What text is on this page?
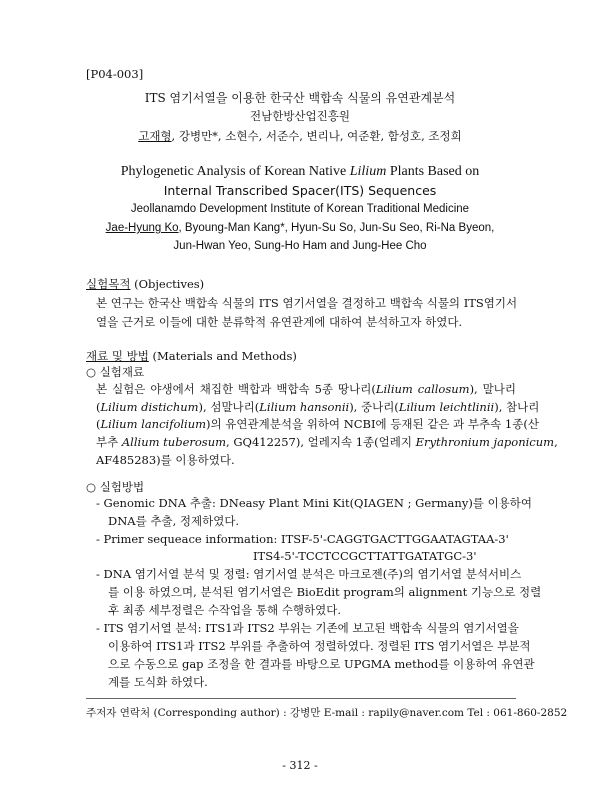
[P04-003]
ITS 염기서열을 이용한 한국산 백합속 식물의 유연관계분석
전남한방산업진흥원
고재형, 강병만*, 소현수, 서준수, 변리나, 여준환, 함성호, 조정희
Phylogenetic Analysis of Korean Native Lilium Plants Based on
Internal Transcribed Spacer(ITS) Sequences
Jeollanamdo Development Institute of Korean Traditional Medicine
Jae-Hyung Ko, Byoung-Man Kang*, Hyun-Su So, Jun-Su Seo, Ri-Na Byeon,
Jun-Hwan Yeo, Sung-Ho Ham and Jung-Hee Cho
실험목적 (Objectives)
본 연구는 한국산 백합속 식물의 ITS 염기서열을 결정하고 백합속 식물의 ITS염기서
열을 근거로 이들에 대한 분류학적 유연관계에 대하여 분석하고자 하였다.
재료 및 방법 (Materials and Methods)
○ 실험재료
본 실험은 야생에서 채집한 백합과 백합속 5종 땅나리(Lilium callosum), 말나리
(Lilium distichum), 섬말나리(Lilium hansonii), 중나리(Lilium leichtlinii), 참나리
(Lilium lancifolium)의 유연관계분석을 위하여 NCBI에 등재된 같은 과 부추속 1종(산
부추 Allium tuberosum, GQ412257), 얼레지속 1종(얼레지 Erythronium japonicum,
AF485283)를 이용하였다.
○ 실험방법
- Genomic DNA 추출: DNeasy Plant Mini Kit(QIAGEN ; Germany)를 이용하여
DNA를 추출, 정제하였다.
- Primer sequeace information: ITSF-5'-CAGGTGACTTGGAATAGTAA-3'
ITS4-5'-TCCTCCGCTTATTGATATGC-3'
- DNA 염기서열 분석 및 정렬: 염기서열 분석은 마크로젠(주)의 염기서열 분석서비스
를 이용 하였으며, 분석된 염기서열은 BioEdit program의 alignment 기능으로 정렬
후 최종 세부정렬은 수작업을 통해 수행하였다.
- ITS 염기서열 분석: ITS1과 ITS2 부위는 기존에 보고된 백합속 식물의 염기서열을
이용하여 ITS1과 ITS2 부위를 추출하여 정렬하였다. 정렬된 ITS 염기서열은 부분적
으로 수동으로 gap 조정을 한 결과를 바탕으로 UPGMA method를 이용하여 유연관
계를 도식화 하였다.
주저자 연락처 (Corresponding author) : 강병만 E-mail : rapily@naver.com Tel : 061-860-2852
- 312 -
